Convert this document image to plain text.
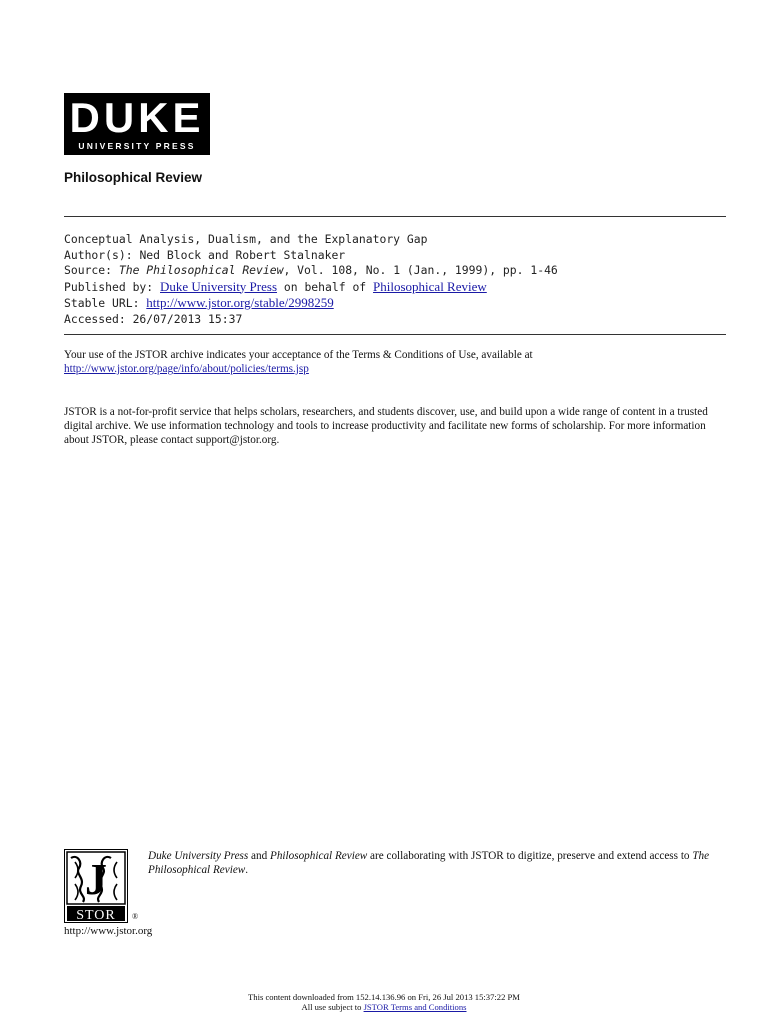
DUKE
UNIVERSITY PRESS
Philosophical Review
Conceptual Analysis, Dualism, and the Explanatory Gap
Author(s): Ned Block and Robert Stalnaker
Source: The Philosophical Review, Vol. 108, No. 1 (Jan., 1999), pp. 1-46
Published by: Duke University Press on behalf of Philosophical Review
Stable URL: http://www.jstor.org/stable/2998259
Accessed: 26/07/2013 15:37
Your use of the JSTOR archive indicates your acceptance of the Terms & Conditions of Use, available at
http://www.jstor.org/page/info/about/policies/terms.jsp
JSTOR is a not-for-profit service that helps scholars, researchers, and students discover, use, and build upon a wide range of content in a trusted digital archive. We use information technology and tools to increase productivity and facilitate new forms of scholarship. For more information about JSTOR, please contact support@jstor.org.
J
STOR ®
http://www.jstor.org
Duke University Press and Philosophical Review are collaborating with JSTOR to digitize, preserve and extend access to The Philosophical Review.
This content downloaded from 152.14.136.96 on Fri, 26 Jul 2013 15:37:22 PM
All use subject to JSTOR Terms and Conditions
